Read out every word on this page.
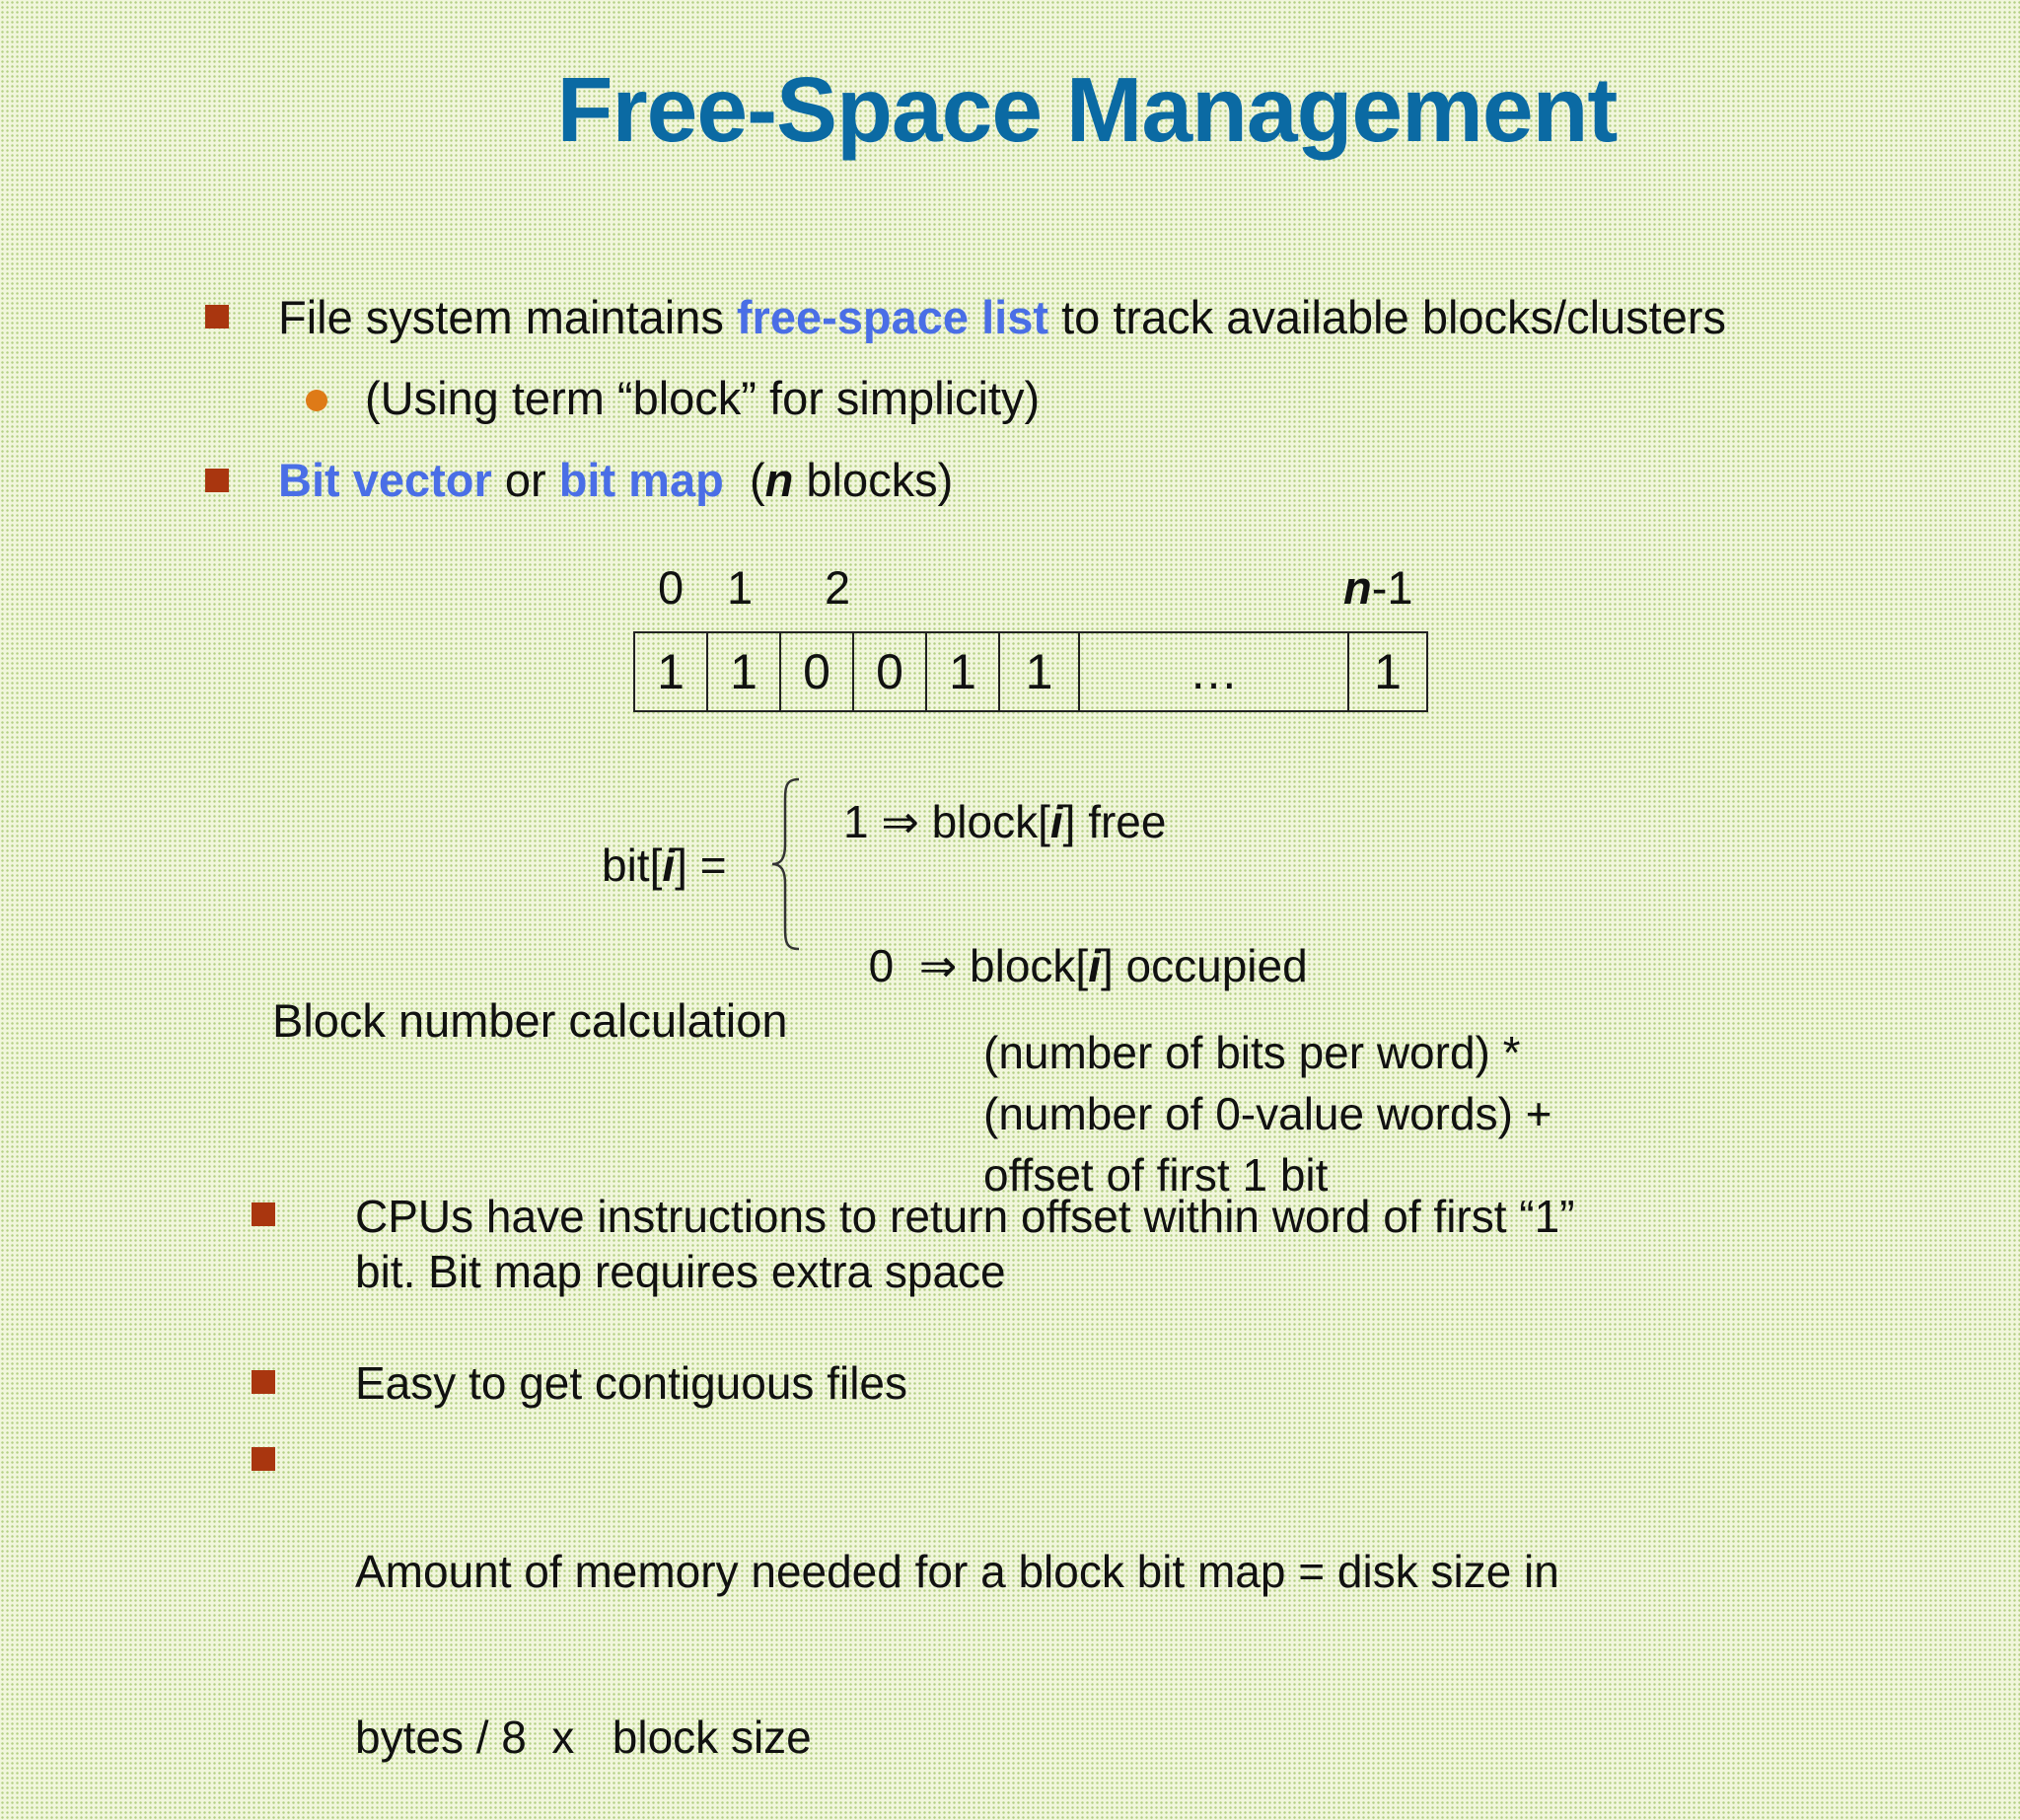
Free-Space Management
File system maintains free-space list to track available blocks/clusters
(Using term “block” for simplicity)
Bit vector or bit map  (n blocks)
0 1 2	n-1
1 1 0 0 1 1	…	1
bit[i] =
1 ⇒ block[i] free

0  ⇒ block[i] occupied

Block number calculation
(number of bits per word) *
(number of 0-value words) +
offset of first 1 bit
CPUs have instructions to return offset within word of first “1”
bit. Bit map requires extra space
Easy to get contiguous files

Amount of memory needed for a block bit map = disk size in

bytes / 8  x   block size
